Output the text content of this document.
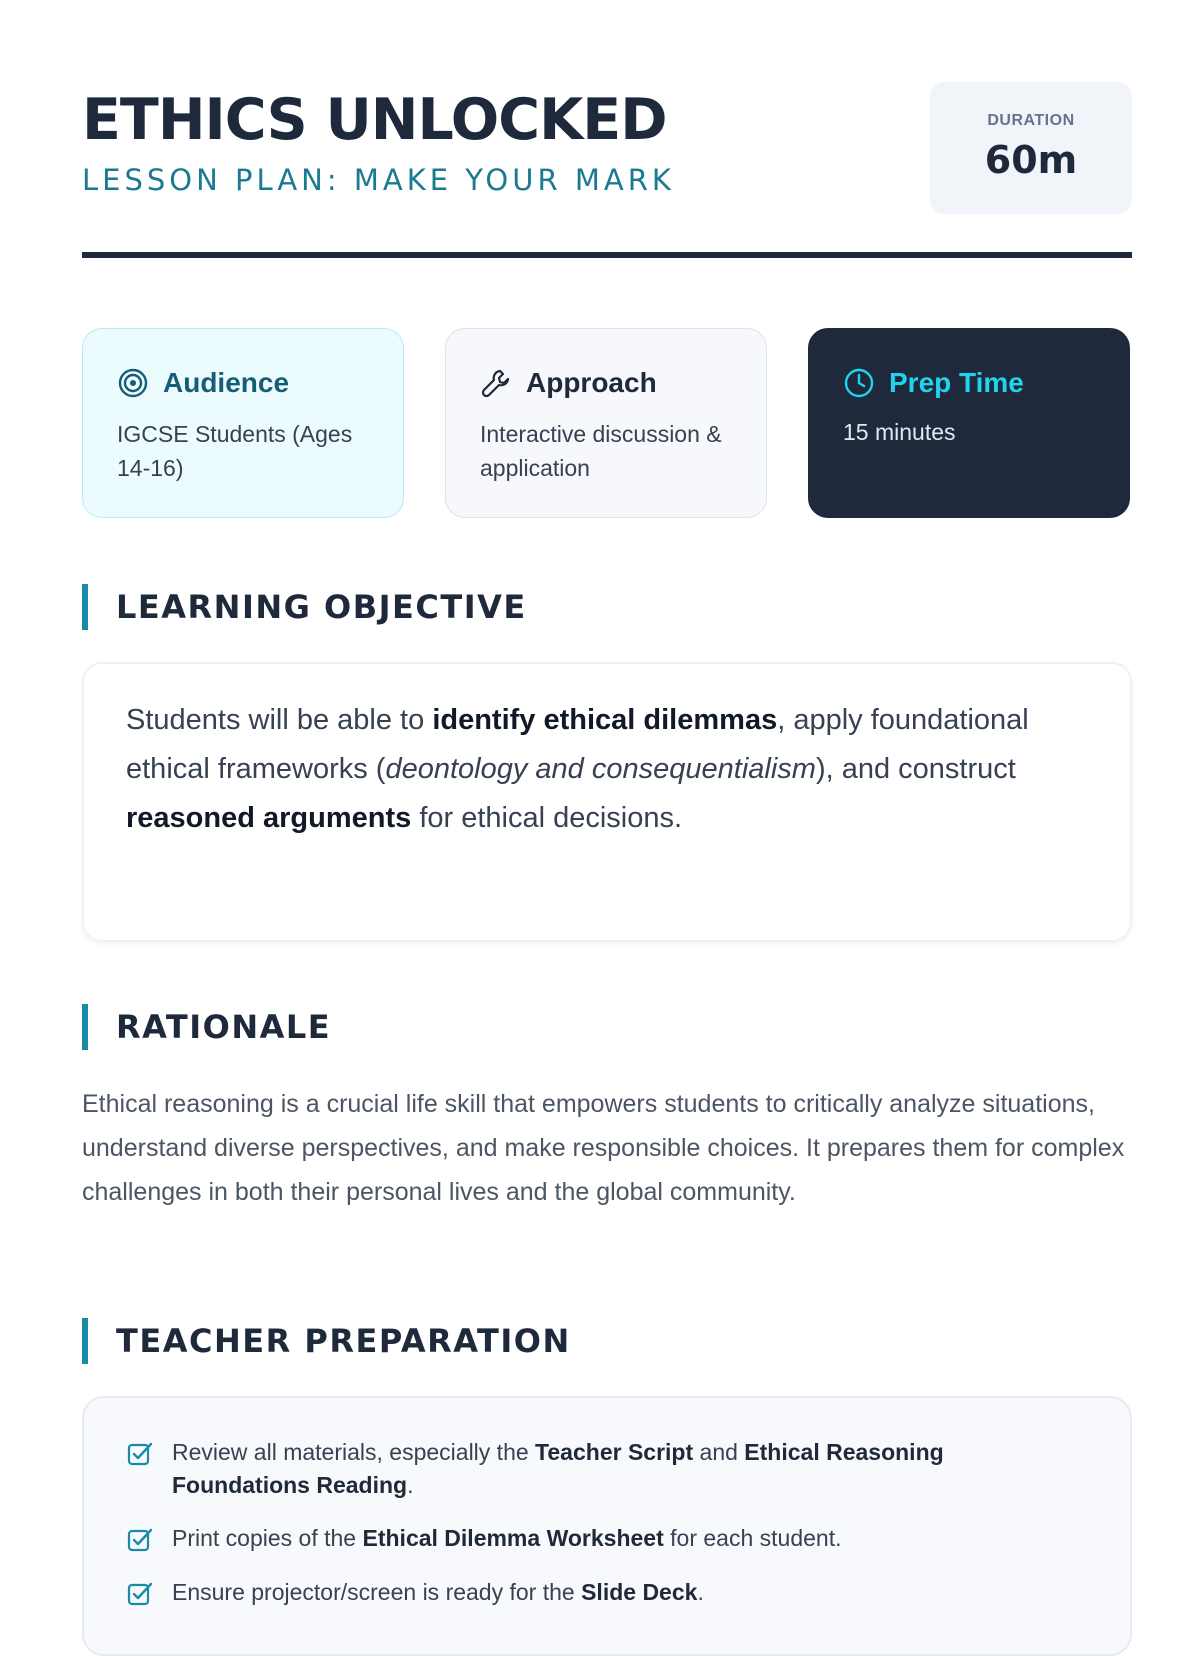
ETHICS UNLOCKED
LESSON PLAN: MAKE YOUR MARK
DURATION
60m
Audience
IGCSE Students (Ages 14-16)
Approach
Interactive discussion & application
Prep Time
15 minutes
LEARNING OBJECTIVE

Students will be able to identify ethical dilemmas, apply foundational ethical frameworks (deontology and consequentialism), and construct reasoned arguments for ethical decisions.

RATIONALE

Ethical reasoning is a crucial life skill that empowers students to critically analyze situations, understand diverse perspectives, and make responsible choices. It prepares them for complex challenges in both their personal lives and the global community.

TEACHER PREPARATION
Review all materials, especially the Teacher Script and Ethical Reasoning Foundations Reading.
Print copies of the Ethical Dilemma Worksheet for each student.
Ensure projector/screen is ready for the Slide Deck.
